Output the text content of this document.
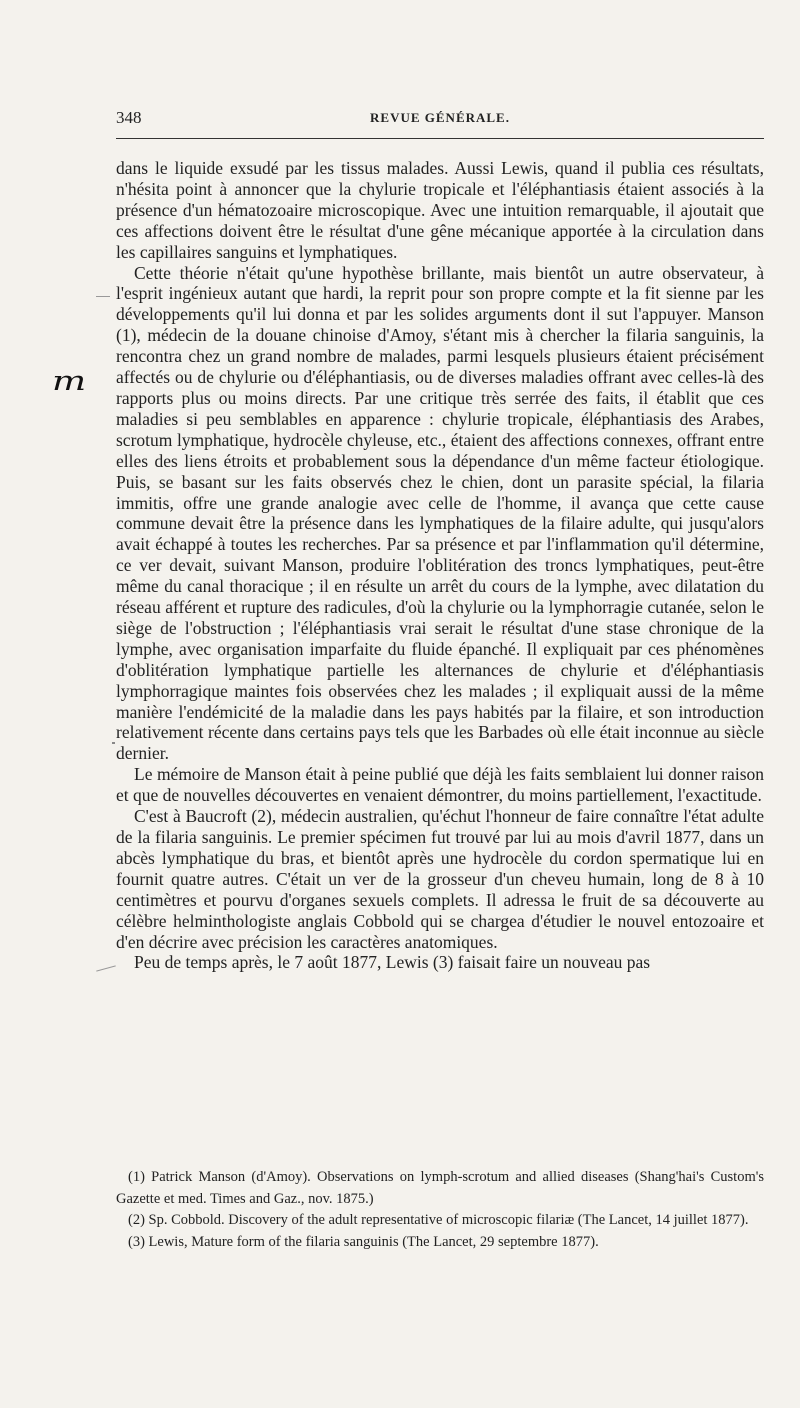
348	REVUE GÉNÉRALE.
m

dans le liquide exsudé par les tissus malades. Aussi Lewis, quand il publia ces résultats, n'hésita point à annoncer que la chylurie tropicale et l'éléphantiasis étaient associés à la présence d'un hématozoaire microscopique. Avec une intuition remarquable, il ajoutait que ces affections doivent être le résultat d'une gêne mécanique apportée à la circulation dans les capillaires sanguins et lymphatiques.

Cette théorie n'était qu'une hypothèse brillante, mais bientôt un autre observateur, à l'esprit ingénieux autant que hardi, la reprit pour son propre compte et la fit sienne par les développements qu'il lui donna et par les solides arguments dont il sut l'appuyer. Manson (1), médecin de la douane chinoise d'Amoy, s'étant mis à chercher la filaria sanguinis, la rencontra chez un grand nombre de malades, parmi lesquels plusieurs étaient précisément affectés ou de chylurie ou d'éléphantiasis, ou de diverses maladies offrant avec celles-là des rapports plus ou moins directs. Par une critique très serrée des faits, il établit que ces maladies si peu semblables en apparence : chylurie tropicale, éléphantiasis des Arabes, scrotum lymphatique, hydrocèle chyleuse, etc., étaient des affections connexes, offrant entre elles des liens étroits et probablement sous la dépendance d'un même facteur étiologique. Puis, se basant sur les faits observés chez le chien, dont un parasite spécial, la filaria immitis, offre une grande analogie avec celle de l'homme, il avança que cette cause commune devait être la présence dans les lymphatiques de la filaire adulte, qui jusqu'alors avait échappé à toutes les recherches. Par sa présence et par l'inflammation qu'il détermine, ce ver devait, suivant Manson, produire l'oblitération des troncs lymphatiques, peut-être même du canal thoracique ; il en résulte un arrêt du cours de la lymphe, avec dilatation du réseau afférent et rupture des radicules, d'où la chylurie ou la lymphorragie cutanée, selon le siège de l'obstruction ; l'éléphantiasis vrai serait le résultat d'une stase chronique de la lymphe, avec organisation imparfaite du fluide épanché. Il expliquait par ces phénomènes d'oblitération lymphatique partielle les alternances de chylurie et d'éléphantiasis lymphorragique maintes fois observées chez les malades ; il expliquait aussi de la même manière l'endémicité de la maladie dans les pays habités par la filaire, et son introduction relativement récente dans certains pays tels que les Barbades où elle était inconnue au siècle dernier.

Le mémoire de Manson était à peine publié que déjà les faits semblaient lui donner raison et que de nouvelles découvertes en venaient démontrer, du moins partiellement, l'exactitude.

C'est à Baucroft (2), médecin australien, qu'échut l'honneur de faire connaître l'état adulte de la filaria sanguinis. Le premier spécimen fut trouvé par lui au mois d'avril 1877, dans un abcès lymphatique du bras, et bientôt après une hydrocèle du cordon spermatique lui en fournit quatre autres. C'était un ver de la grosseur d'un cheveu humain, long de 8 à 10 centimètres et pourvu d'organes sexuels complets. Il adressa le fruit de sa découverte au célèbre helminthologiste anglais Cobbold qui se chargea d'étudier le nouvel entozoaire et d'en décrire avec précision les caractères anatomiques.

Peu de temps après, le 7 août 1877, Lewis (3) faisait faire un nouveau pas

(1) Patrick Manson (d'Amoy). Observations on lymph-scrotum and allied diseases (Shang'hai's Custom's Gazette et med. Times and Gaz., nov. 1875.)

(2) Sp. Cobbold. Discovery of the adult representative of microscopic filariæ (The Lancet, 14 juillet 1877).

(3) Lewis, Mature form of the filaria sanguinis (The Lancet, 29 septembre 1877).
